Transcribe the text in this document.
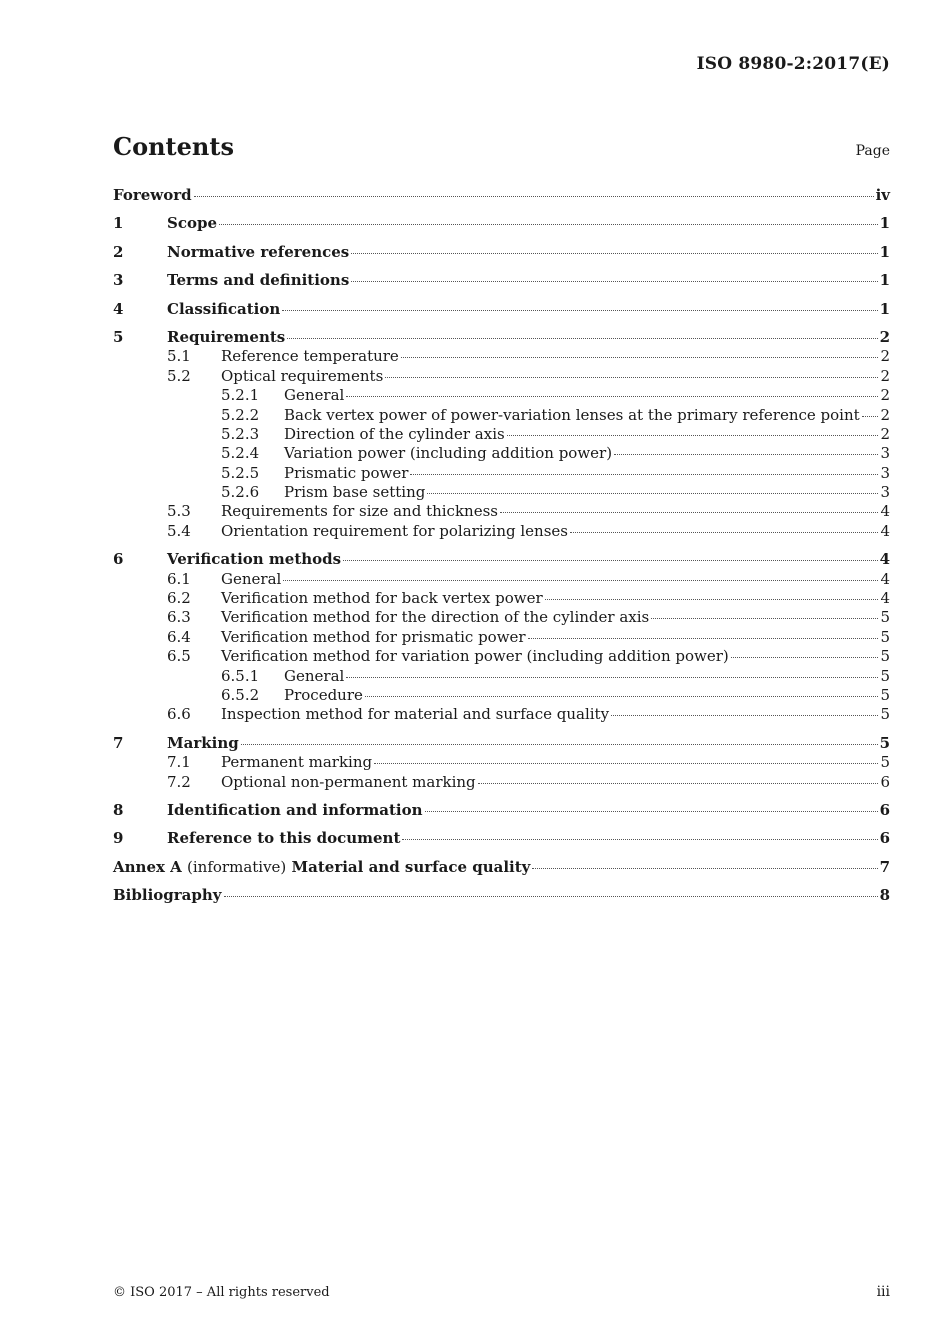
ISO 8980-2:2017(E)
Contents	Page
Foreword	iv
1	Scope	1
2	Normative references	1
3	Terms and definitions	1
4	Classification	1
5	Requirements	2
5.1	Reference temperature	2
5.2	Optical requirements	2
5.2.1	General	2
5.2.2	Back vertex power of power-variation lenses at the primary reference point 2
5.2.3	Direction of the cylinder axis	2
5.2.4	Variation power (including addition power)	3
5.2.5	Prismatic power	3
5.2.6	Prism base setting	3
5.3	Requirements for size and thickness	4
5.4	Orientation requirement for polarizing lenses	4
6	Verification methods	4
6.1	General	4
6.2	Verification method for back vertex power	4
6.3	Verification method for the direction of the cylinder axis	5
6.4	Verification method for prismatic power	5
6.5	Verification method for variation power (including addition power)	5
6.5.1	General	5
6.5.2	Procedure	5
6.6	Inspection method for material and surface quality	5
7	Marking	5
7.1	Permanent marking	5
7.2	Optional non-permanent marking	6
8	Identification and information	6
9	Reference to this document	6
Annex A (informative) Material and surface quality	7
Bibliography	8
© ISO 2017 – All rights reserved	iii
